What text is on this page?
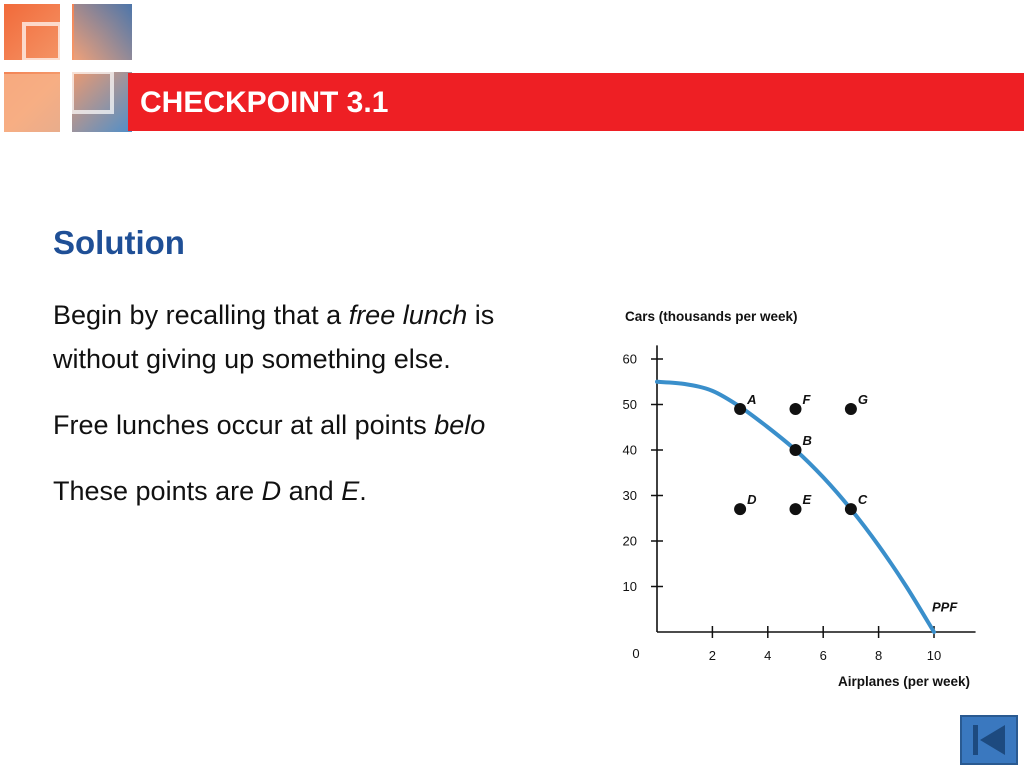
CHECKPOINT 3.1
Solution

Begin by recalling that a free lunch is
without giving up something else.

Free lunches occur at all points belo

These points are D and E.

Cars (thousands per week)
Airplanes (per week)
0	2	4	6	8	10
10
20
30
40
50
60
PPF
A	F	G
B
D	E	C
